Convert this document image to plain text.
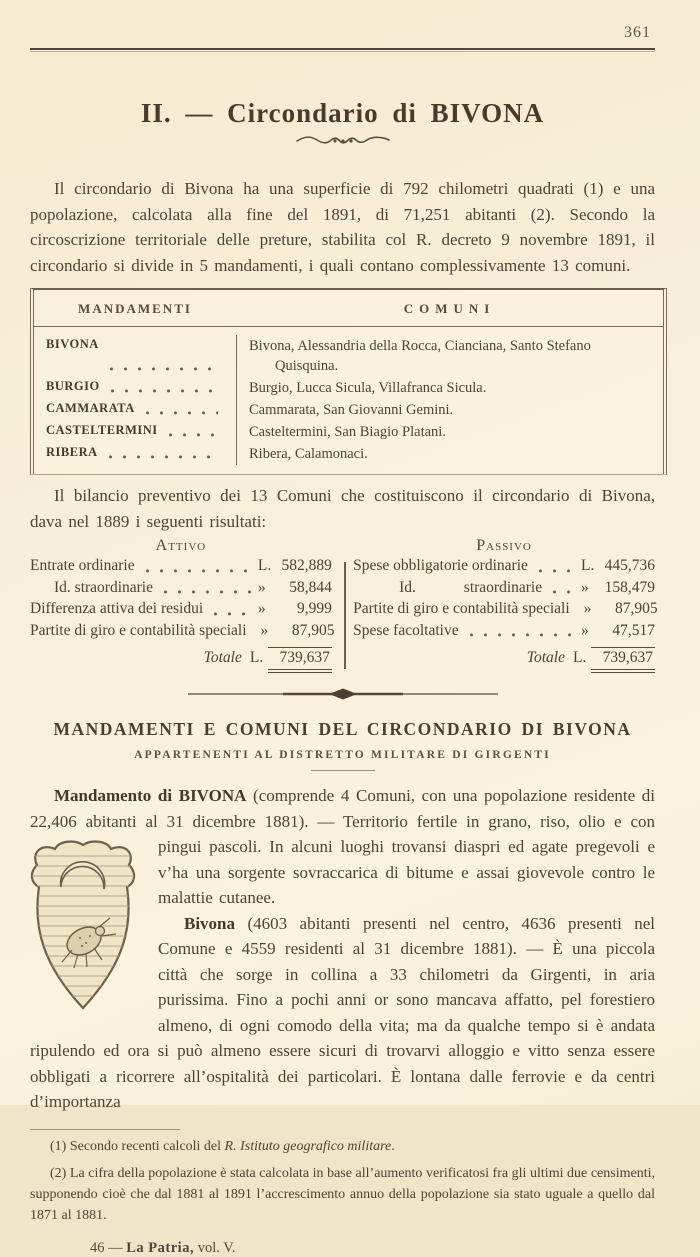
361
II. — Circondario di BIVONA

Il circondario di Bivona ha una superficie di 792 chilometri quadrati (1) e una popolazione, calcolata alla fine del 1891, di 71,251 abitanti (2). Secondo la circoscrizione territoriale delle preture, stabilita col R. decreto 9 novembre 1891, il circondario si divide in 5 mandamenti, i quali contano complessivamente 13 comuni.

MANDAMENTI	COMUNI
BIVONA	Bivona, Alessandria della Rocca, Cianciana, Santo Stefano Quisquina.
BURGIO	Burgio, Lucca Sicula, Villafranca Sicula.
CAMMARATA	Cammarata, San Giovanni Gemini.
CASTELTERMINI	Casteltermini, San Biagio Platani.
RIBERA	Ribera, Calamonaci.

Il bilancio preventivo dei 13 Comuni che costituiscono il circondario di Bivona, dava nel 1889 i seguenti risultati:

Attivo
Entrate ordinarie	L. 582,889
Id. straordinarie	»	58,844
Differenza attiva dei residui	»	9,999
Partite di giro e contabilità speciali »	87,905
Totale L.	739,637
Passivo
Spese obbligatorie ordinarie	L. 445,736
Id. straordinarie	»	158,479
Partite di giro e contabilità speciali »	87,905
Spese facoltative	»	47,517
Totale L.	739,637
MANDAMENTI E COMUNI DEL CIRCONDARIO DI BIVONA
APPARTENENTI AL DISTRETTO MILITARE DI GIRGENTI

Mandamento di BIVONA (comprende 4 Comuni, con una popolazione residente di 22,406 abitanti al 31 dicembre 1881). — Territorio fertile in grano, riso, olio e con pingui pascoli. In alcuni luoghi trovansi diaspri ed agate pregevoli e v’ha una sorgente sovraccarica di bitume e assai giovevole contro le malattie cutanee.

Bivona (4603 abitanti presenti nel centro, 4636 presenti nel Comune e 4559 residenti al 31 dicembre 1881). — È una piccola città che sorge in collina a 33 chilometri da Girgenti, in aria purissima. Fino a pochi anni or sono mancava affatto, pel forestiero almeno, di ogni comodo della vita; ma da qualche tempo si è andata ripulendo ed ora si può almeno essere sicuri di trovarvi alloggio e vitto senza essere obbligati a ricorrere all’ospitalità dei particolari. È lontana dalle ferrovie e da centri d’importanza

(1) Secondo recenti calcoli del R. Istituto geografico militare.

(2) La cifra della popolazione è stata calcolata in base all’aumento verificatosi fra gli ultimi due censimenti, supponendo cioè che dal 1881 al 1891 l’accrescimento annuo della popolazione sia stato uguale a quello dal 1871 al 1881.

46 — La Patria, vol. V.
